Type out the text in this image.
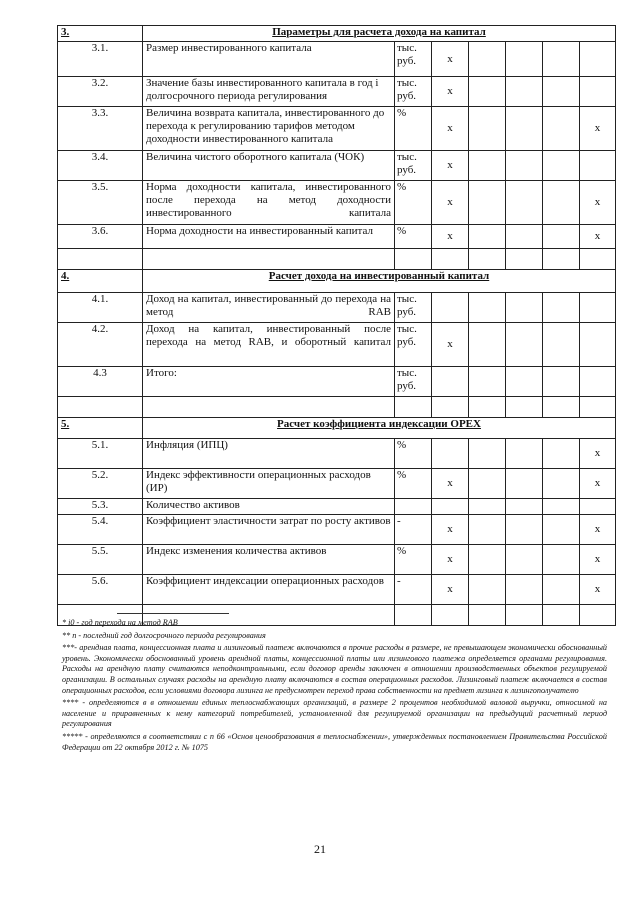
3.	Параметры для расчета дохода на капитал						
3.1.	Размер инвестированного капитала	тыс. руб.	x				
3.2.	Значение базы инвестированного капитала в год i долгосрочного периода регулирования	тыс. руб.	x				
3.3.	Величина возврата капитала, инвестированного до перехода к регулированию тарифов методом доходности инвестированного капитала	%	x				x
3.4.	Величина чистого оборотного капитала (ЧОК)	тыс. руб.	x				
3.5.	Норма доходности капитала, инвестированного после перехода на метод доходности инвестированного капитала	%	x				x
3.6.	Норма доходности на инвестированный капитал	%	x				x

4.	Расчет дохода на инвестированный капитал						
4.1.	Доход на капитал, инвестированный до перехода на метод RAB	тыс. руб.					
4.2.	Доход на капитал, инвестированный после перехода на метод RAB, и оборотный капитал	тыс. руб.	x				
4.3	Итого:	тыс. руб.					

5.	Расчет коэффициента индексации OPEX						
5.1.	Инфляция (ИПЦ)	%					x
5.2.	Индекс эффективности операционных расходов (ИР)	%	x				x
5.3.	Количество активов						
5.4.	Коэффициент эластичности затрат по росту активов	-	x				x
5.5.	Индекс изменения количества активов	%	x				x
5.6.	Коэффициент индексации операционных расходов	-	x				x

* i0 - год перехода на метод RAB

** n - последний год долгосрочного периода регулирования

***- арендная плата, концессионная плата и лизинговый платеж включаются в прочие расходы в размере, не превышающем экономически обоснованный уровень. Экономически обоснованный уровень арендной платы, концессионной платы или лизингового платежа определяется органами регулирования. Расходы на арендную плату считаются неподконтрольными, если договор аренды заключен в отношении производственных объектов регулируемой организации. В остальных случаях расходы на арендную плату включаются в состав операционных расходов. Лизинговый платеж включается в состав операционных расходов, если условиями договора лизинга не предусмотрен переход права собственности на предмет лизинга к лизингополучателю

**** - определяются в в отношении единых теплоснабжающих организаций, в размере 2 процентов необходимой валовой выручки, относимой на население и приравненных к нему категорий потребителей, установленной для регулируемой организации на предыдущий расчетный период регулирования

***** - определяются в соответствии с п 66 «Основ ценообразования в теплоснабжении», утвержденных постановлением Правительства Российской Федерации от 22 октября 2012 г. № 1075

21
